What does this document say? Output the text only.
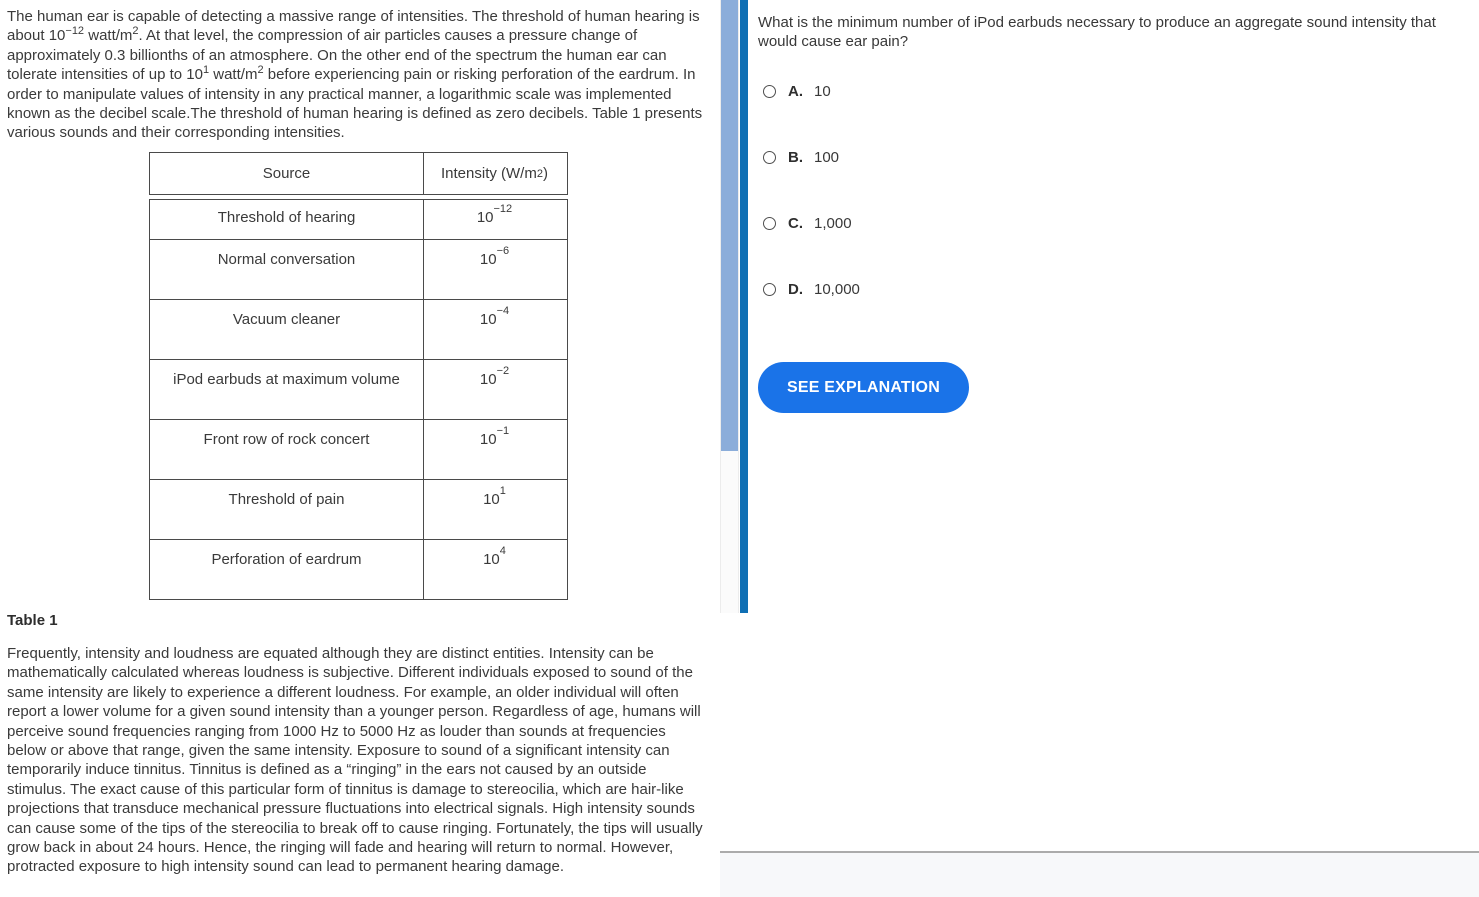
The human ear is capable of detecting a massive range of intensities. The threshold of human hearing is about $10^{-12}$ watt/$m^2$. At that level, the compression of air particles causes a pressure change of approximately 0.3 billionths of an atmosphere. On the other end of the spectrum the human ear can tolerate intensities of up to $10^1$ watt/$m^2$ before experiencing pain or risking perforation of the eardrum. In order to manipulate values of intensity in any practical manner, a logarithmic scale was implemented known as the decibel scale.The threshold of human hearing is defined as zero decibels. Table 1 presents various sounds and their corresponding intensities.

Source	Intensity (W/m 2 )
Threshold of hearing	10 −12
Normal conversation	10 −6
Vacuum cleaner	10 −4
iPod earbuds at maximum volume	10 −2
Front row of rock concert	10 −1
Threshold of pain	10 1
Perforation of eardrum	10 4
Table 1

Frequently, intensity and loudness are equated although they are distinct entities. Intensity can be mathematically calculated whereas loudness is subjective. Different individuals exposed to sound of the same intensity are likely to experience a different loudness. For example, an older individual will often report a lower volume for a given sound intensity than a younger person. Regardless of age, humans will perceive sound frequencies ranging from 1000 Hz to 5000 Hz as louder than sounds at frequencies below or above that range, given the same intensity. Exposure to sound of a significant intensity can temporarily induce tinnitus. Tinnitus is defined as a “ringing” in the ears not caused by an outside stimulus. The exact cause of this particular form of tinnitus is damage to stereocilia, which are hair-like projections that transduce mechanical pressure fluctuations into electrical signals. High intensity sounds can cause some of the tips of the stereocilia to break off to cause ringing. Fortunately, the tips will usually grow back in about 24 hours. Hence, the ringing will fade and hearing will return to normal. However, protracted exposure to high intensity sound can lead to permanent hearing damage.

What is the minimum number of iPod earbuds necessary to produce an aggregate sound intensity that would cause ear pain?
A. 10
B. 100
C. 1,000
D. 10,000
SEE EXPLANATION
